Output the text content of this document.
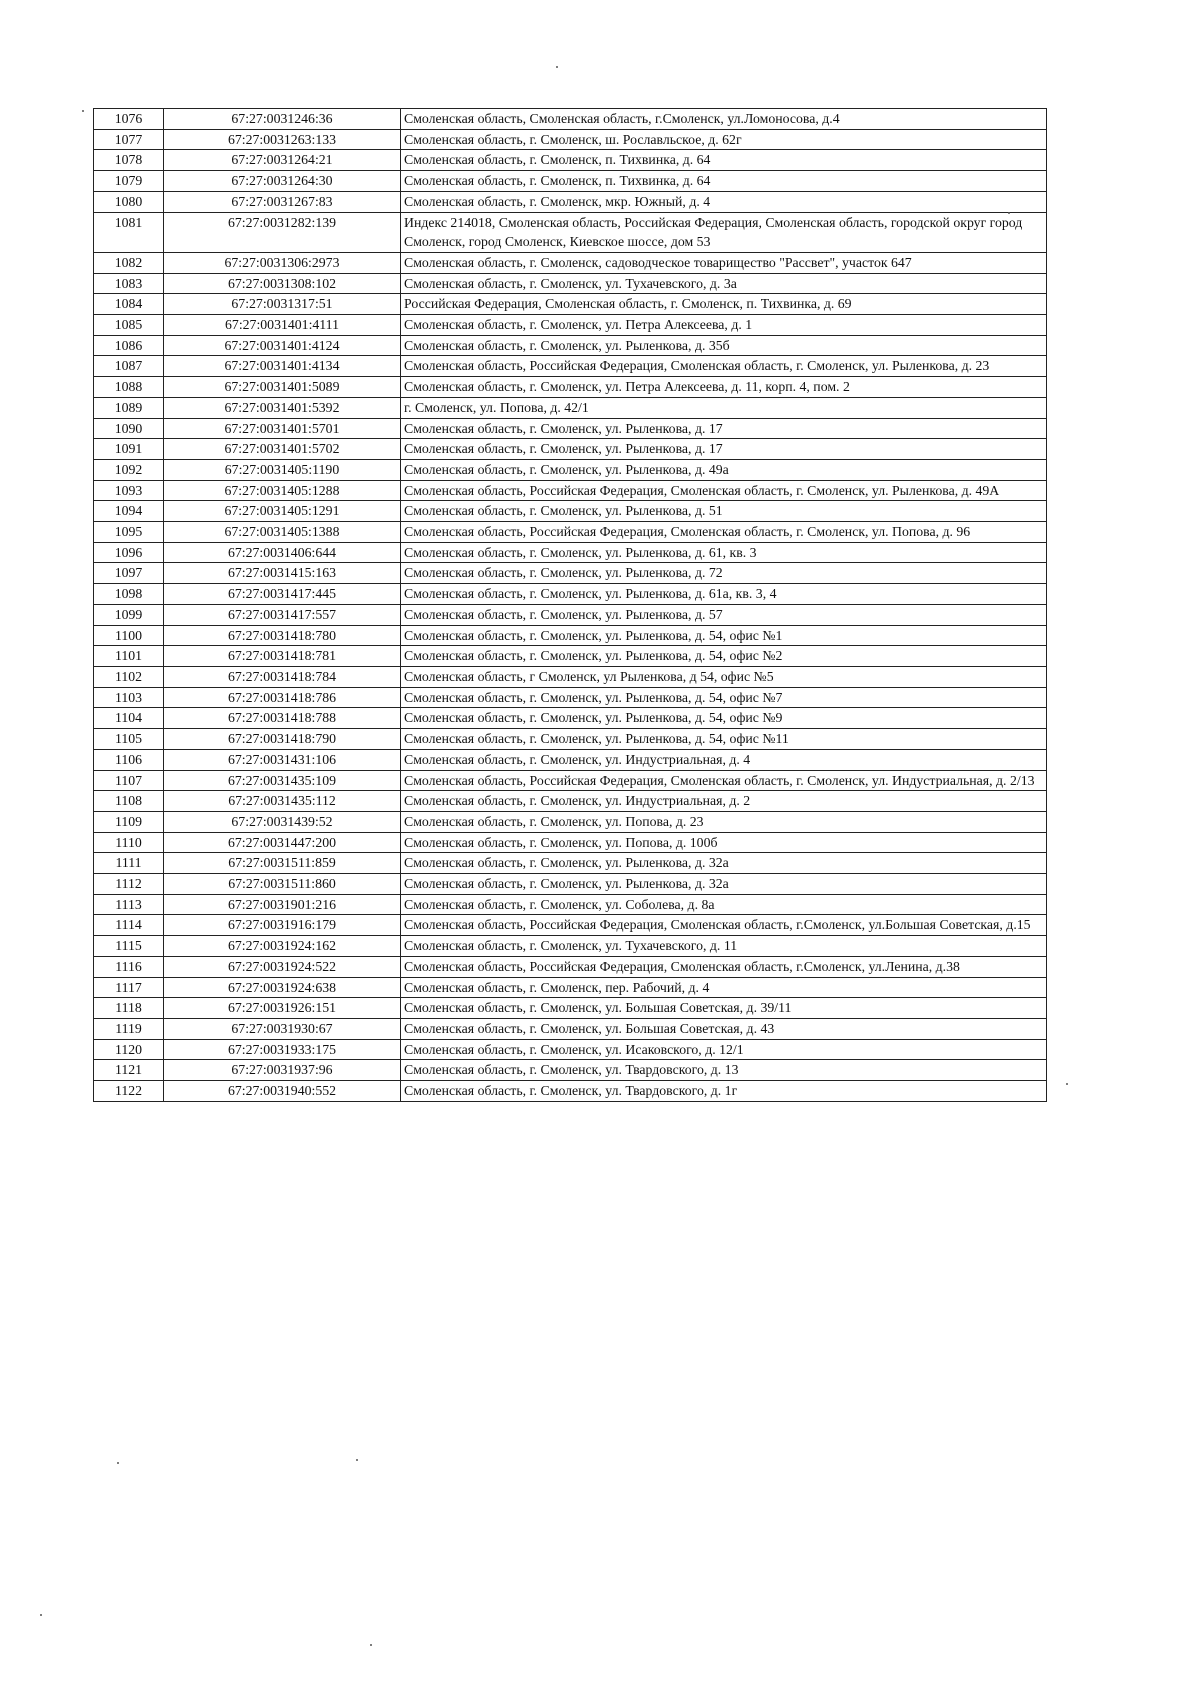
1076	67:27:0031246:36	Смоленская область, Смоленская область, г.Смоленск, ул.Ломоносова, д.4
1077	67:27:0031263:133	Смоленская область, г. Смоленск, ш. Рославльское, д. 62г
1078	67:27:0031264:21	Смоленская область, г. Смоленск, п. Тихвинка, д. 64
1079	67:27:0031264:30	Смоленская область, г. Смоленск, п. Тихвинка, д. 64
1080	67:27:0031267:83	Смоленская область, г. Смоленск, мкр. Южный, д. 4
1081	67:27:0031282:139	Индекс 214018, Смоленская область, Российская Федерация, Смоленская область, городской округ город Смоленск, город Смоленск, Киевское шоссе, дом 53
1082	67:27:0031306:2973	Смоленская область, г. Смоленск, садоводческое товарищество "Рассвет", участок 647
1083	67:27:0031308:102	Смоленская область, г. Смоленск, ул. Тухачевского, д. 3а
1084	67:27:0031317:51	Российская Федерация, Смоленская область, г. Смоленск, п. Тихвинка, д. 69
1085	67:27:0031401:4111	Смоленская область, г. Смоленск, ул. Петра Алексеева, д. 1
1086	67:27:0031401:4124	Смоленская область, г. Смоленск, ул. Рыленкова, д. 35б
1087	67:27:0031401:4134	Смоленская область, Российская Федерация, Смоленская область, г. Смоленск, ул. Рыленкова, д. 23
1088	67:27:0031401:5089	Смоленская область, г. Смоленск, ул. Петра Алексеева, д. 11, корп. 4, пом. 2
1089	67:27:0031401:5392	г. Смоленск, ул. Попова, д. 42/1
1090	67:27:0031401:5701	Смоленская область, г. Смоленск, ул. Рыленкова, д. 17
1091	67:27:0031401:5702	Смоленская область, г. Смоленск, ул. Рыленкова, д. 17
1092	67:27:0031405:1190	Смоленская область, г. Смоленск, ул. Рыленкова, д. 49а
1093	67:27:0031405:1288	Смоленская область, Российская Федерация, Смоленская область, г. Смоленск, ул. Рыленкова, д. 49А
1094	67:27:0031405:1291	Смоленская область, г. Смоленск, ул. Рыленкова, д. 51
1095	67:27:0031405:1388	Смоленская область, Российская Федерация, Смоленская область, г. Смоленск, ул. Попова, д. 96
1096	67:27:0031406:644	Смоленская область, г. Смоленск, ул. Рыленкова, д. 61, кв. 3
1097	67:27:0031415:163	Смоленская область, г. Смоленск, ул. Рыленкова, д. 72
1098	67:27:0031417:445	Смоленская область, г. Смоленск, ул. Рыленкова, д. 61а, кв. 3, 4
1099	67:27:0031417:557	Смоленская область, г. Смоленск, ул. Рыленкова, д. 57
1100	67:27:0031418:780	Смоленская область, г. Смоленск, ул. Рыленкова, д. 54, офис №1
1101	67:27:0031418:781	Смоленская область, г. Смоленск, ул. Рыленкова, д. 54, офис №2
1102	67:27:0031418:784	Смоленская область, г Смоленск, ул Рыленкова, д 54, офис №5
1103	67:27:0031418:786	Смоленская область, г. Смоленск, ул. Рыленкова, д. 54, офис №7
1104	67:27:0031418:788	Смоленская область, г. Смоленск, ул. Рыленкова, д. 54, офис №9
1105	67:27:0031418:790	Смоленская область, г. Смоленск, ул. Рыленкова, д. 54, офис №11
1106	67:27:0031431:106	Смоленская область, г. Смоленск, ул. Индустриальная, д. 4
1107	67:27:0031435:109	Смоленская область, Российская Федерация, Смоленская область, г. Смоленск, ул. Индустриальная, д. 2/13
1108	67:27:0031435:112	Смоленская область, г. Смоленск, ул. Индустриальная, д. 2
1109	67:27:0031439:52	Смоленская область, г. Смоленск, ул. Попова, д. 23
1110	67:27:0031447:200	Смоленская область, г. Смоленск, ул. Попова, д. 100б
1111	67:27:0031511:859	Смоленская область, г. Смоленск, ул. Рыленкова, д. 32а
1112	67:27:0031511:860	Смоленская область, г. Смоленск, ул. Рыленкова, д. 32а
1113	67:27:0031901:216	Смоленская область, г. Смоленск, ул. Соболева, д. 8а
1114	67:27:0031916:179	Смоленская область, Российская Федерация, Смоленская область, г.Смоленск, ул.Большая Советская, д.15
1115	67:27:0031924:162	Смоленская область, г. Смоленск, ул. Тухачевского, д. 11
1116	67:27:0031924:522	Смоленская область, Российская Федерация, Смоленская область, г.Смоленск, ул.Ленина, д.38
1117	67:27:0031924:638	Смоленская область, г. Смоленск, пер. Рабочий, д. 4
1118	67:27:0031926:151	Смоленская область, г. Смоленск, ул. Большая Советская, д. 39/11
1119	67:27:0031930:67	Смоленская область, г. Смоленск, ул. Большая Советская, д. 43
1120	67:27:0031933:175	Смоленская область, г. Смоленск, ул. Исаковского, д. 12/1
1121	67:27:0031937:96	Смоленская область, г. Смоленск, ул. Твардовского, д. 13
1122	67:27:0031940:552	Смоленская область, г. Смоленск, ул. Твардовского, д. 1г
